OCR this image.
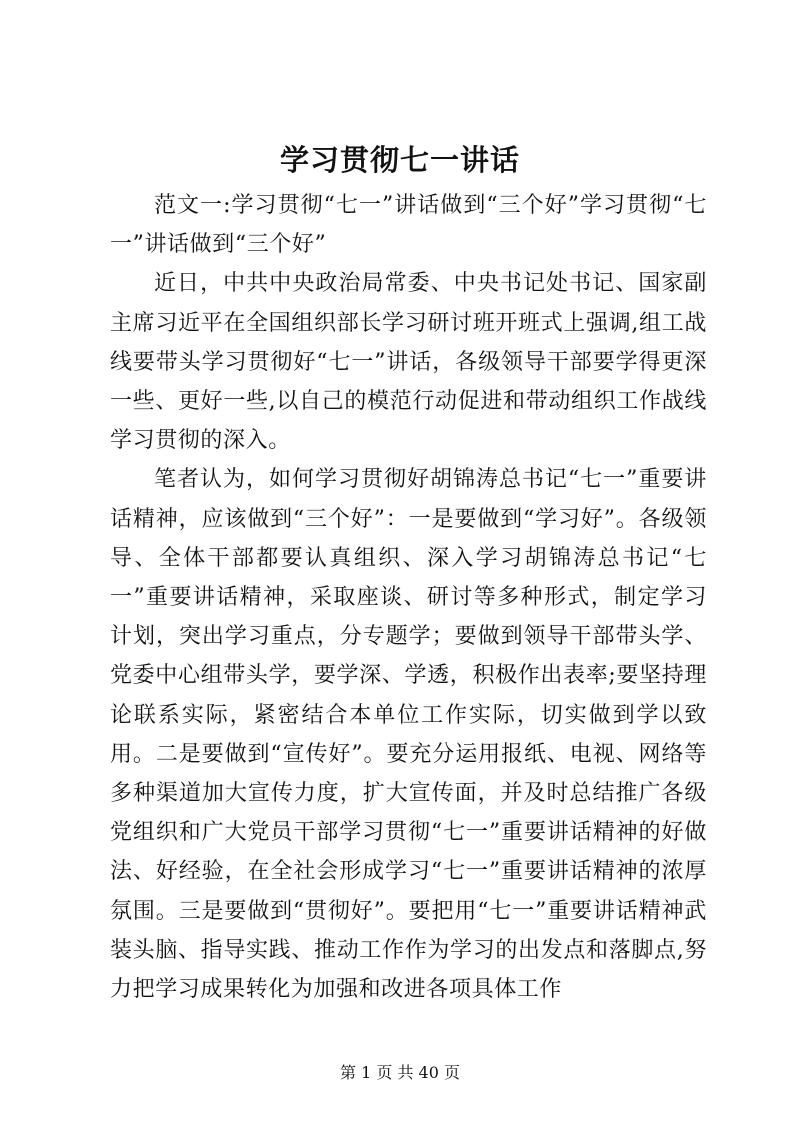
学习贯彻七一讲话

范文一:学习贯彻“七一”讲话做到“三个好”学习贯彻“七一”讲话做到“三个好”

近日，中共中央政治局常委、中央书记处书记、国家副主席习近平在全国组织部长学习研讨班开班式上强调,组工战线要带头学习贯彻好“七一”讲话，各级领导干部要学得更深一些、更好一些,以自己的模范行动促进和带动组织工作战线学习贯彻的深入。

笔者认为，如何学习贯彻好胡锦涛总书记“七一”重要讲话精神，应该做到“三个好”：一是要做到“学习好”。各级领导、全体干部都要认真组织、深入学习胡锦涛总书记“七一”重要讲话精神，采取座谈、研讨等多种形式，制定学习计划，突出学习重点，分专题学；要做到领导干部带头学、党委中心组带头学，要学深、学透，积极作出表率;要坚持理论联系实际，紧密结合本单位工作实际，切实做到学以致用。二是要做到“宣传好”。要充分运用报纸、电视、网络等多种渠道加大宣传力度，扩大宣传面，并及时总结推广各级党组织和广大党员干部学习贯彻“七一”重要讲话精神的好做法、好经验，在全社会形成学习“七一”重要讲话精神的浓厚氛围。三是要做到“贯彻好”。要把用“七一”重要讲话精神武装头脑、指导实践、推动工作作为学习的出发点和落脚点,努力把学习成果转化为加强和改进各项具体工作

第 1 页 共 40 页
